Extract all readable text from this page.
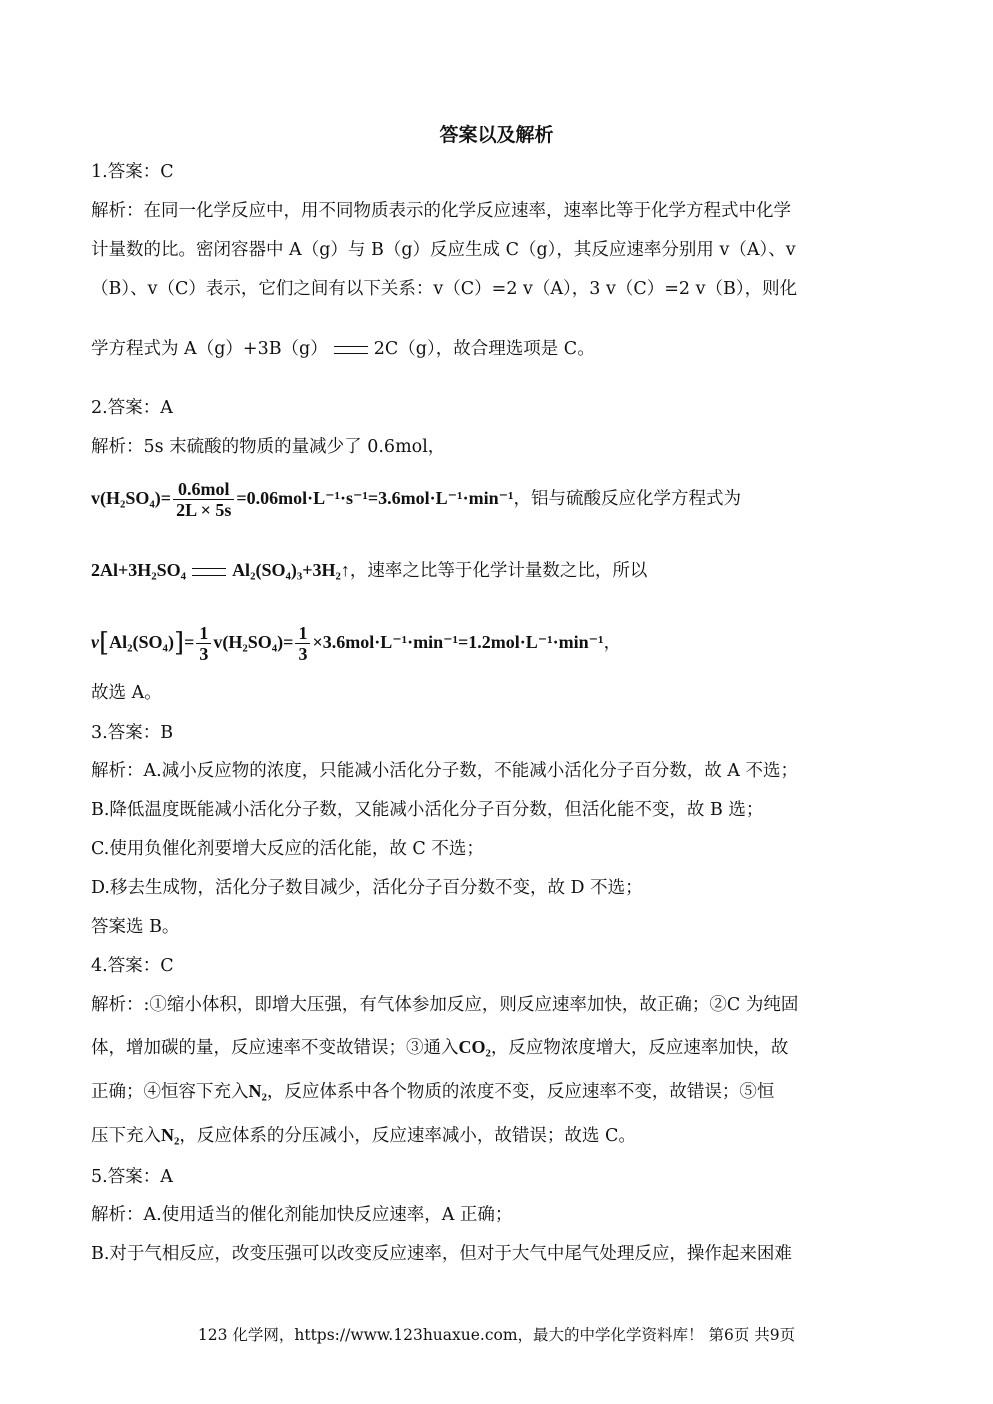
答案以及解析
1.答案：C
解析：在同一化学反应中，用不同物质表示的化学反应速率，速率比等于化学方程式中化学
计量数的比。密闭容器中 A（g）与 B（g）反应生成 C（g），其反应速率分别用 v（A）、v
（B）、v（C）表示，它们之间有以下关系：v（C）=2 v（A），3 v（C）=2 v（B），则化
学方程式为 A（g）+3B（g）	2C（g），故合理选项是 C。
2.答案：A
解析：5s 末硫酸的物质的量减少了 0.6mol，
$v(H_2SO_4)= \frac{\text{0.6mol}}{2L \times 5s} =0.06mol\cdot L^{-1}\cdot s^{-1}=3.6mol\cdot L^{-1}\cdot\min^{-1}$，铝与硫酸反应化学方程式为
2Al+3H₂SO₄	Al₂(SO₄)₃+3H₂↑，速率之比等于化学计量数之比，所以
$v[Al_2(SO_4)]= \frac{1}{3} v(H_2SO_4)= \frac{1}{3} \times 3.6mol\cdot L^{-1}\cdot\min^{-1}=1.2mol\cdot L^{-1}\cdot\min^{-1}$，
故选 A。
3.答案：B
解析：A.减小反应物的浓度，只能减小活化分子数，不能减小活化分子百分数，故 A 不选；
B.降低温度既能减小活化分子数，又能减小活化分子百分数，但活化能不变，故 B 选；
C.使用负催化剂要增大反应的活化能，故 C 不选；
D.移去生成物，活化分子数目减少，活化分子百分数不变，故 D 不选；
答案选 B。
4.答案：C
解析：:①缩小体积，即增大压强，有气体参加反应，则反应速率加快，故正确；②C 为纯固
体，增加碳的量，反应速率不变故错误；③通入CO₂，反应物浓度增大，反应速率加快，故
正确；④恒容下充入N₂，反应体系中各个物质的浓度不变，反应速率不变，故错误；⑤恒
压下充入N₂，反应体系的分压减小，反应速率减小，故错误；故选 C。
5.答案：A
解析：A.使用适当的催化剂能加快反应速率，A 正确；
B.对于气相反应，改变压强可以改变反应速率，但对于大气中尾气处理反应，操作起来困难
123 化学网，https://www.123huaxue.com，最大的中学化学资料库！ 第6页 共9页
